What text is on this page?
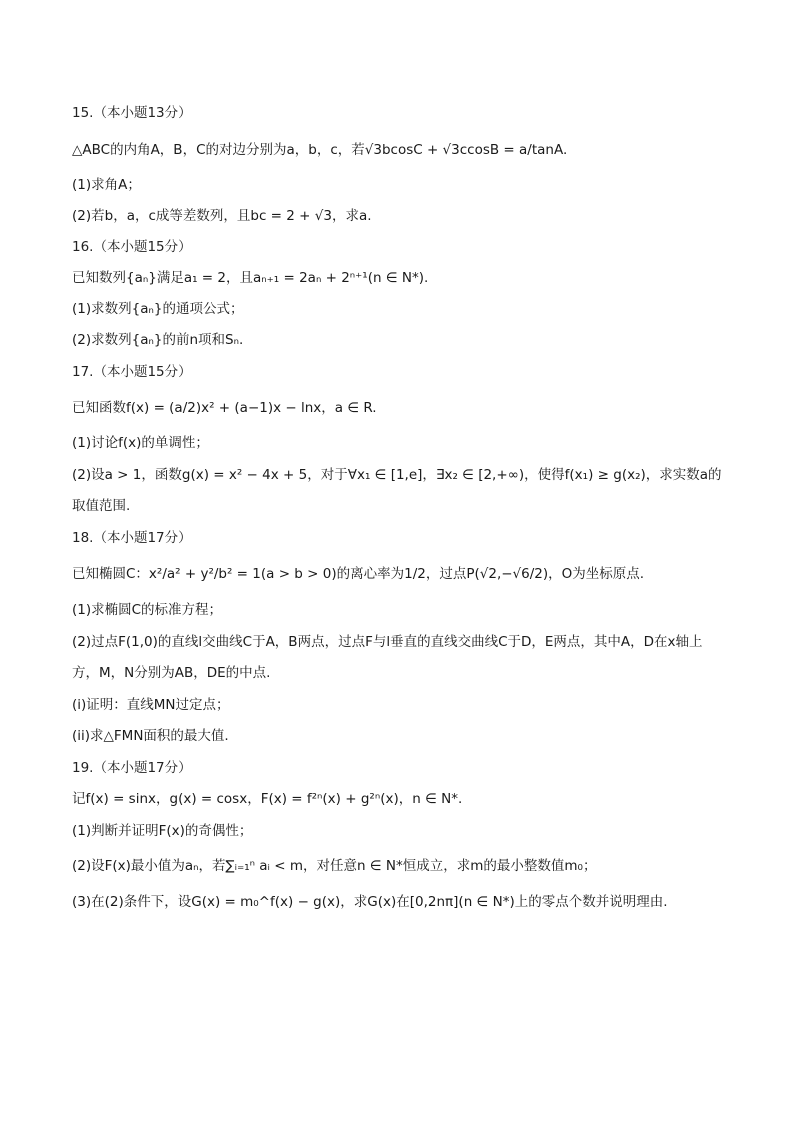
15.（本小题13分）
△ABC的内角A，B，C的对边分别为a，b，c，若√3bcosC + √3ccosB = a/tanA.
(1)求角A；
(2)若b，a，c成等差数列，且bc = 2 + √3，求a.
16.（本小题15分）
已知数列{aₙ}满足a₁ = 2，且aₙ₊₁ = 2aₙ + 2ⁿ⁺¹(n ∈ N*).
(1)求数列{aₙ}的通项公式；
(2)求数列{aₙ}的前n项和Sₙ.
17.（本小题15分）
已知函数f(x) = (a/2)x² + (a−1)x − lnx，a ∈ R.
(1)讨论f(x)的单调性；
(2)设a > 1，函数g(x) = x² − 4x + 5，对于∀x₁ ∈ [1,e]，∃x₂ ∈ [2,+∞)，使得f(x₁) ≥ g(x₂)，求实数a的
取值范围.
18.（本小题17分）
已知椭圆C：x²/a² + y²/b² = 1(a > b > 0)的离心率为1/2，过点P(√2,−√6/2)，O为坐标原点.
(1)求椭圆C的标准方程；
(2)过点F(1,0)的直线l交曲线C于A，B两点，过点F与l垂直的直线交曲线C于D，E两点，其中A，D在x轴上
方，M，N分别为AB，DE的中点.
(i)证明：直线MN过定点；
(ii)求△FMN面积的最大值.
19.（本小题17分）
记f(x) = sinx，g(x) = cosx，F(x) = f²ⁿ(x) + g²ⁿ(x)，n ∈ N*.
(1)判断并证明F(x)的奇偶性；
(2)设F(x)最小值为aₙ，若∑ᵢ₌₁ⁿ aᵢ < m，对任意n ∈ N*恒成立，求m的最小整数值m₀；
(3)在(2)条件下，设G(x) = m₀^f(x) − g(x)，求G(x)在[0,2nπ](n ∈ N*)上的零点个数并说明理由.
